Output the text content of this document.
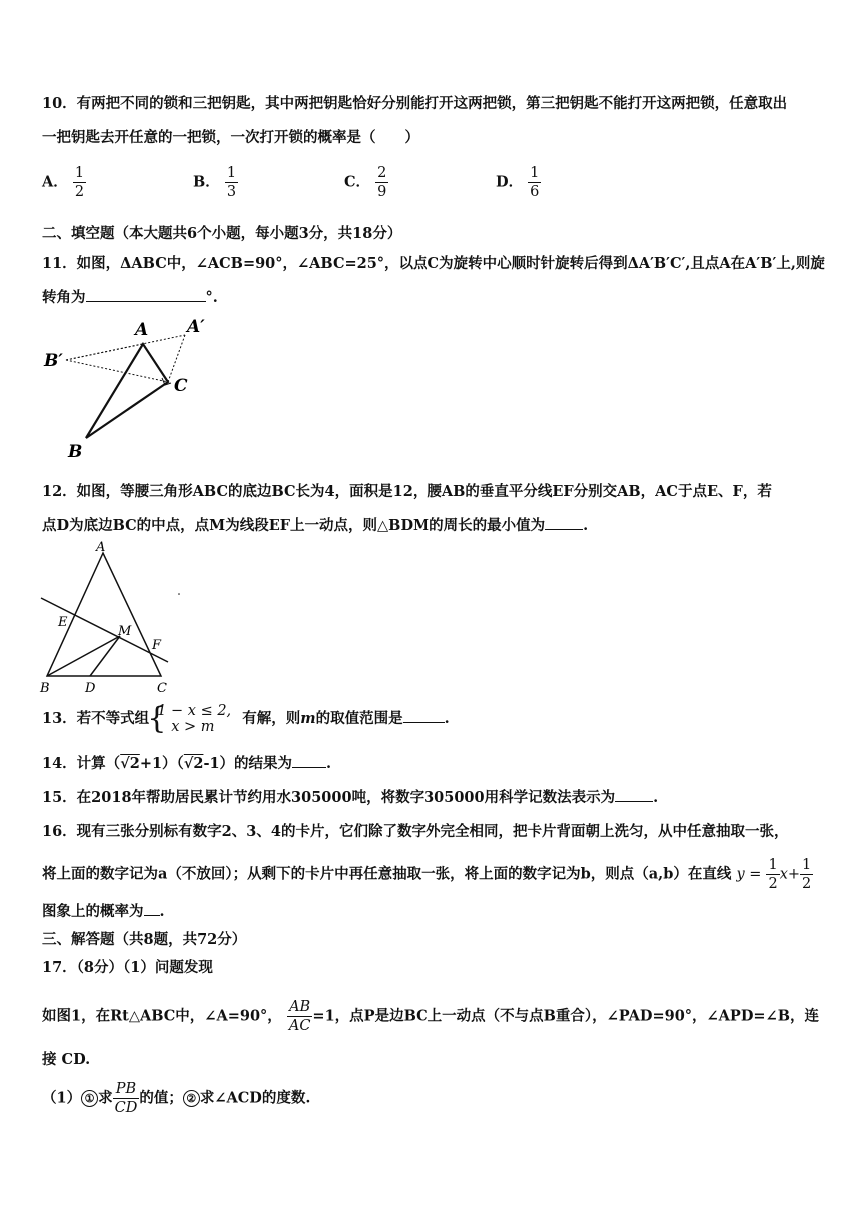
10．有两把不同的锁和三把钥匙，其中两把钥匙恰好分别能打开这两把锁，第三把钥匙不能打开这两把锁，任意取出
一把钥匙去开任意的一把锁，一次打开锁的概率是（　　）
A． $\frac{1}{2}$	B． $\frac{1}{3}$	C． $\frac{2}{9}$	D． $\frac{1}{6}$
二、填空题（本大题共6个小题，每小题3分，共18分）
11．如图，ΔABC中，∠ACB=90°，∠ABC=25°，以点C为旋转中心顺时针旋转后得到ΔA′B′C′,且点A在A′B′上,则旋
转角为	°.
A A′
B′
C
B
12．如图，等腰三角形ABC的底边BC长为4，面积是12，腰AB的垂直平分线EF分别交AB，AC于点E、F，若
点D为底边BC的中点，点M为线段EF上一动点，则△BDM的周长的最小值为	.
A
E
M
F
B	D	C
13．若不等式组 { 1 − x ≤ 2,
x > m	有解，则m的取值范围是	.
14．计算（√2+1）（√2-1）的结果为 .
15．在2018年帮助居民累计节约用水305000吨，将数字305000用科学记数法表示为	.
16．现有三张分别标有数字2、3、4的卡片，它们除了数字外完全相同，把卡片背面朝上洗匀，从中任意抽取一张，
将上面的数字记为a（不放回）；从剩下的卡片中再任意抽取一张，将上面的数字记为b，则点（a,b）在直线 $y = \frac{1}{2} x+ \frac{1}{2}$
图象上的概率为 .
三、解答题（共8题，共72分）
17．（8分）（1）问题发现
如图1，在Rt△ABC中，∠A=90°， $\frac{AB}{AC} =1$，点P是边BC上一动点（不与点B重合），∠PAD=90°，∠APD=∠B，连
接 CD.
（1） ① 求 $\frac{PB}{CD}$ 的值； ② 求∠ACD的度数.
